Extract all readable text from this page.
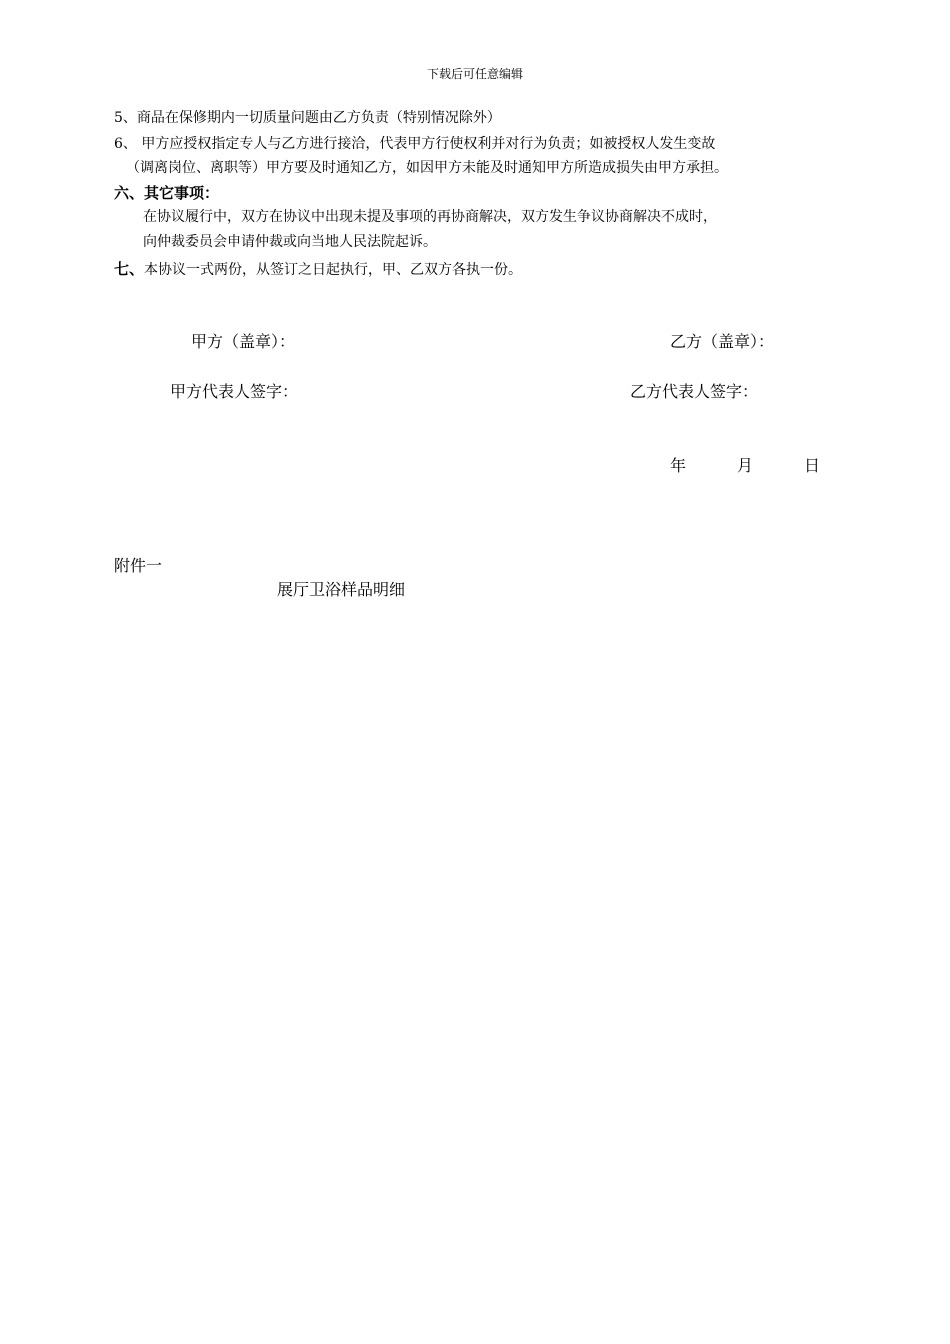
下载后可任意编辑
5、商品在保修期内一切质量问题由乙方负责（特别情况除外）
6、 甲方应授权指定专人与乙方进行接洽，代表甲方行使权利并对行为负责；如被授权人发生变故
（调离岗位、离职等）甲方要及时通知乙方，如因甲方未能及时通知甲方所造成损失由甲方承担。
六、其它事项：
在协议履行中，双方在协议中出现未提及事项的再协商解决，双方发生争议协商解决不成时，
向仲裁委员会申请仲裁或向当地人民法院起诉。
七、本协议一式两份，从签订之日起执行，甲、乙双方各执一份。
甲方（盖章）：	乙方（盖章）：
甲方代表人签字：	乙方代表人签字：
年	月	日
附件一
展厅卫浴样品明细
